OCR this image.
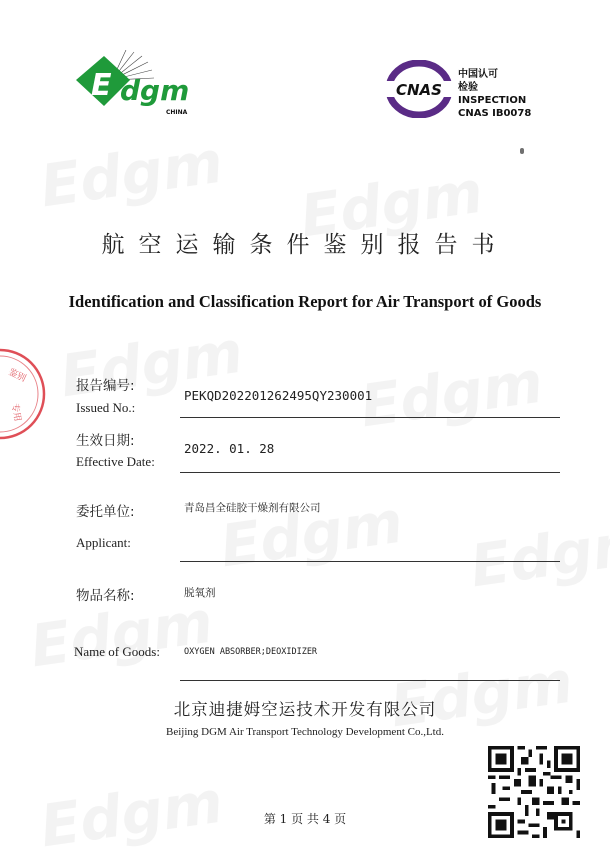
E dgm
CHINA
CNAS
中国认可
检验
INSPECTION
CNAS IB0078
鉴别
专用
航空运输条件鉴别报告书
Identification and Classification Report for Air Transport of Goods
报告编号:
Issued No.:
PEKQD202201262495QY230001
生效日期:
Effective Date:
2022. 01. 28
委托单位:
Applicant:
青岛昌全硅胶干燥剂有限公司
物品名称:	脱氧剂
Name of Goods:	OXYGEN ABSORBER;DEOXIDIZER
北京迪捷姆空运技术开发有限公司
Beijing DGM Air Transport Technology Development Co.,Ltd.
第 1 页 共 4 页
